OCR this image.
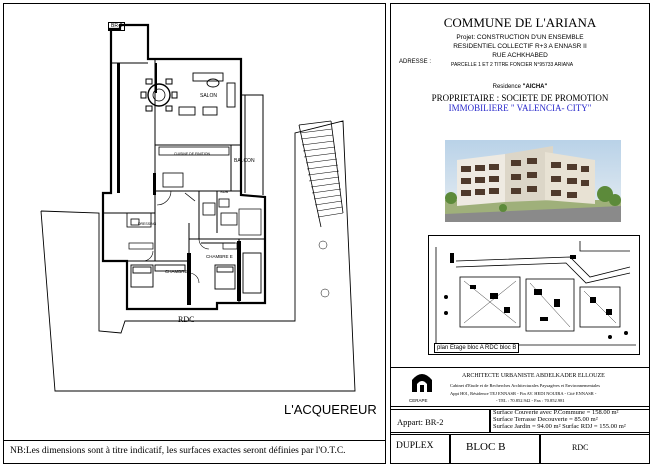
SALON
CUISINE DE FINITION
BALCON
SDB
DRESSING
CHAMBRE
CHAMBRE E
BR-2
RDC
L'ACQUEREUR
NB:Les dimensions sont à titre indicatif, les surfaces exactes seront définies par l'O.T.C.
COMMUNE DE L'ARIANA
Projet: CONSTRUCTION D'UN ENSEMBLE
RESIDENTIEL COLLECTIF R+3 A ENNASR II
RUE ACHKHABED
ADRESSE :	PARCELLE 1 ET 2 TITRE FONCIER N°95733 ARIANA
Residence "AICHA"
PROPRIETAIRE : SOCIETE DE PROMOTION
IMMOBILIERE " VALENCIA- CITY"
plan Etage bloc A RDC bloc B
CERAPE
ARCHITECTE URBANISTE ABDELKADER ELLOUZE
Cabinet d'Etude et de Recherches Architecturales Paysagères et Environnementales
Appt H01, Résidence TEJ ENNASR - Fin AV. HEDI NOUIRA - Cité ENNASR -
- TEL : 70.852.942 - Fax : 70.852.981
Appart: BR-2
Surface Couverte avec P.Commune = 158.00 m²
Surface Terrasse Decouverte = 85.00 m²
Surface Jardin = 94.00 m² Surfac RDJ = 155.00 m²
DUPLEX	BLOC B	RDC
